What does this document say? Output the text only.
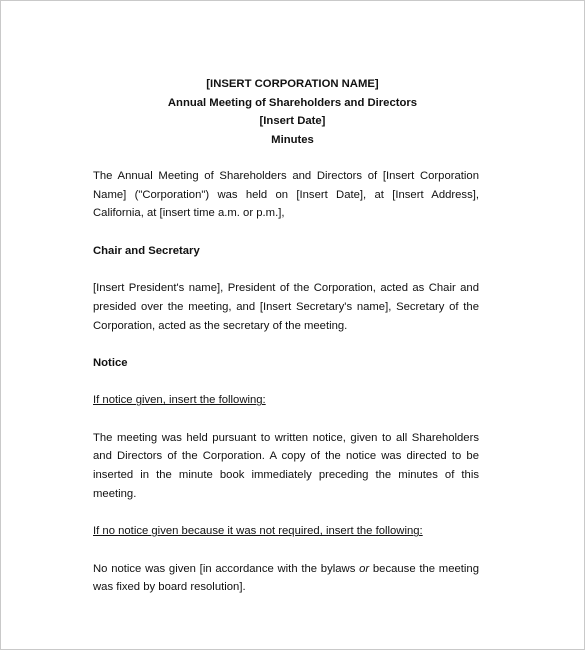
[INSERT CORPORATION NAME]
Annual Meeting of Shareholders and Directors
[Insert Date]
Minutes

The Annual Meeting of Shareholders and Directors of [Insert Corporation Name] ("Corporation") was held on [Insert Date], at [Insert Address], California, at [insert time a.m. or p.m.],

Chair and Secretary

[Insert President's name], President of the Corporation, acted as Chair and presided over the meeting, and [Insert Secretary's name], Secretary of the Corporation, acted as the secretary of the meeting.

Notice

If notice given, insert the following:

The meeting was held pursuant to written notice, given to all Shareholders and Directors of the Corporation. A copy of the notice was directed to be inserted in the minute book immediately preceding the minutes of this meeting.

If no notice given because it was not required, insert the following:

No notice was given [in accordance with the bylaws or because the meeting was fixed by board resolution].
